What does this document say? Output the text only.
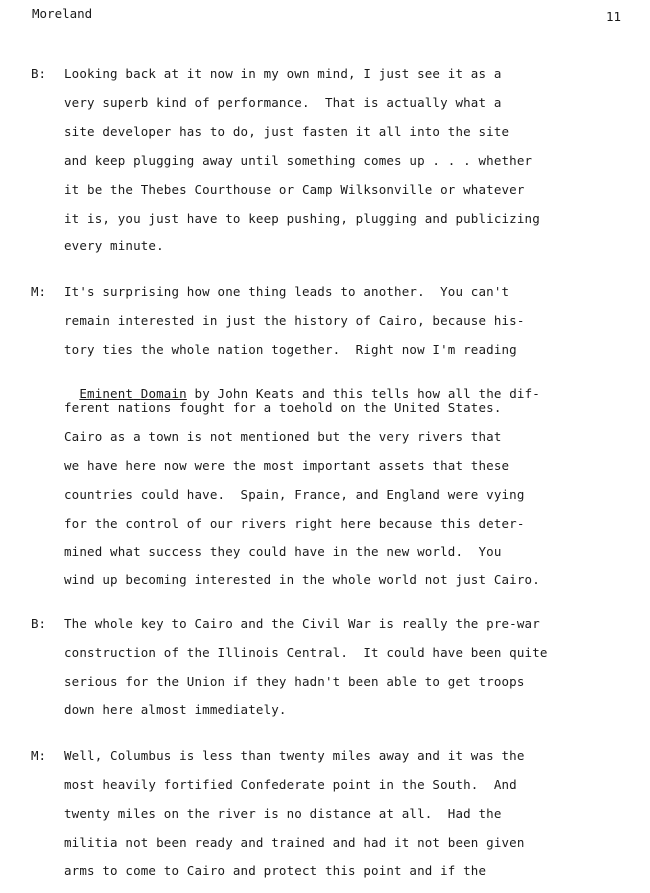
Moreland	11
B: Looking back at it now in my own mind, I just see it as a
very superb kind of performance.  That is actually what a
site developer has to do, just fasten it all into the site
and keep plugging away until something comes up . . . whether
it be the Thebes Courthouse or Camp Wilksonville or whatever
it is, you just have to keep pushing, plugging and publicizing
every minute.
M: It's surprising how one thing leads to another.  You can't
remain interested in just the history of Cairo, because his-
tory ties the whole nation together.  Right now I'm reading

Eminent Domain by John Keats and this tells how all the dif-

ferent nations fought for a toehold on the United States.
Cairo as a town is not mentioned but the very rivers that
we have here now were the most important assets that these
countries could have.  Spain, France, and England were vying
for the control of our rivers right here because this deter-
mined what success they could have in the new world.  You
wind up becoming interested in the whole world not just Cairo.
B: The whole key to Cairo and the Civil War is really the pre-war
construction of the Illinois Central.  It could have been quite
serious for the Union if they hadn't been able to get troops
down here almost immediately.
M: Well, Columbus is less than twenty miles away and it was the
most heavily fortified Confederate point in the South.  And
twenty miles on the river is no distance at all.  Had the
militia not been ready and trained and had it not been given
arms to come to Cairo and protect this point and if the
